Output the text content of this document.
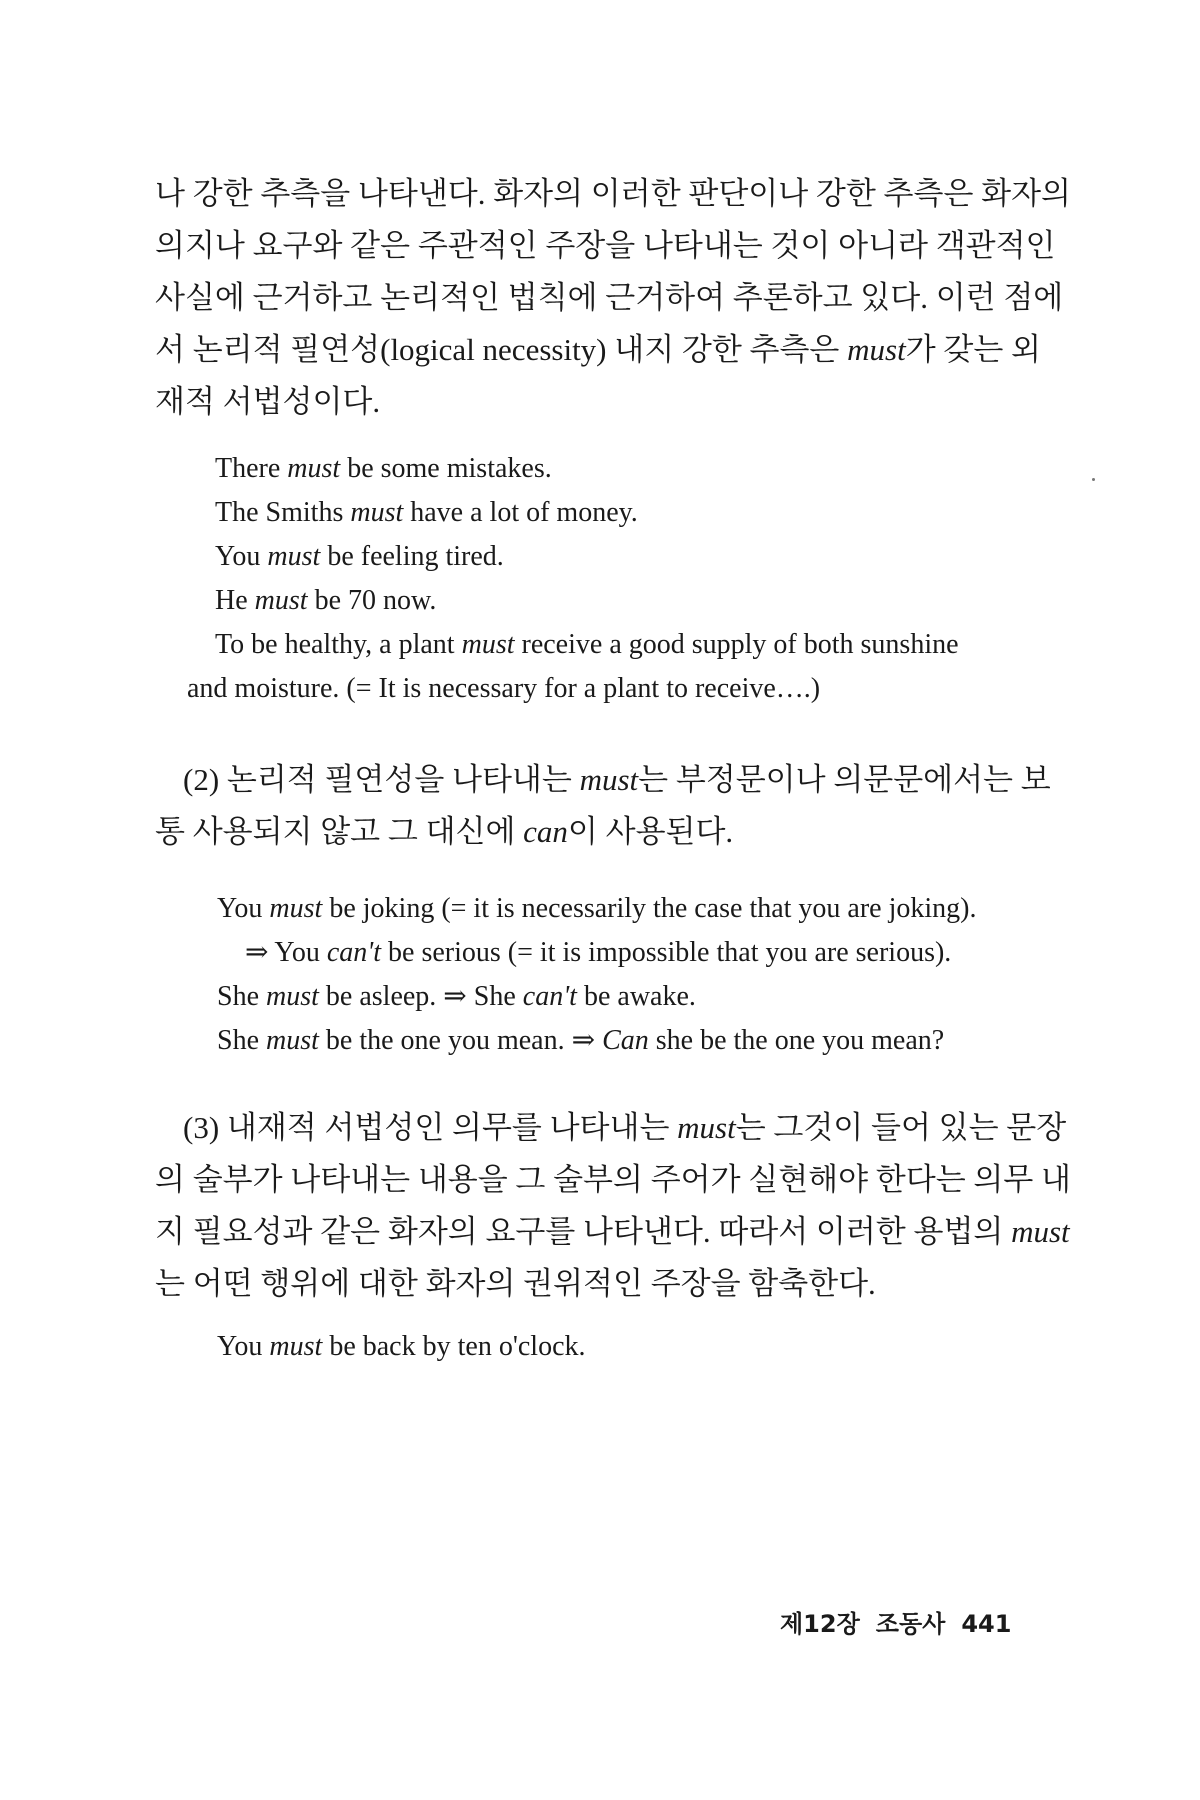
나 강한 추측을 나타낸다. 화자의 이러한 판단이나 강한 추측은 화자의
의지나 요구와 같은 주관적인 주장을 나타내는 것이 아니라 객관적인
사실에 근거하고 논리적인 법칙에 근거하여 추론하고 있다. 이런 점에
서 논리적 필연성(logical necessity) 내지 강한 추측은 must가 갖는 외
재적 서법성이다.

There must be some mistakes.

The Smiths must have a lot of money.

You must be feeling tired.

He must be 70 now.

To be healthy, a plant must receive a good supply of both sunshine

and moisture. (= It is necessary for a plant to receive….)

(2) 논리적 필연성을 나타내는 must는 부정문이나 의문문에서는 보
통 사용되지 않고 그 대신에 can이 사용된다.

You must be joking (= it is necessarily the case that you are joking).

⇒ You can't be serious (= it is impossible that you are serious).

She must be asleep. ⇒ She can't be awake.

She must be the one you mean. ⇒ Can she be the one you mean?

(3) 내재적 서법성인 의무를 나타내는 must는 그것이 들어 있는 문장
의 술부가 나타내는 내용을 그 술부의 주어가 실현해야 한다는 의무 내
지 필요성과 같은 화자의 요구를 나타낸다. 따라서 이러한 용법의 must
는 어떤 행위에 대한 화자의 권위적인 주장을 함축한다.

You must be back by ten o'clock.

제12장 조동사 441
